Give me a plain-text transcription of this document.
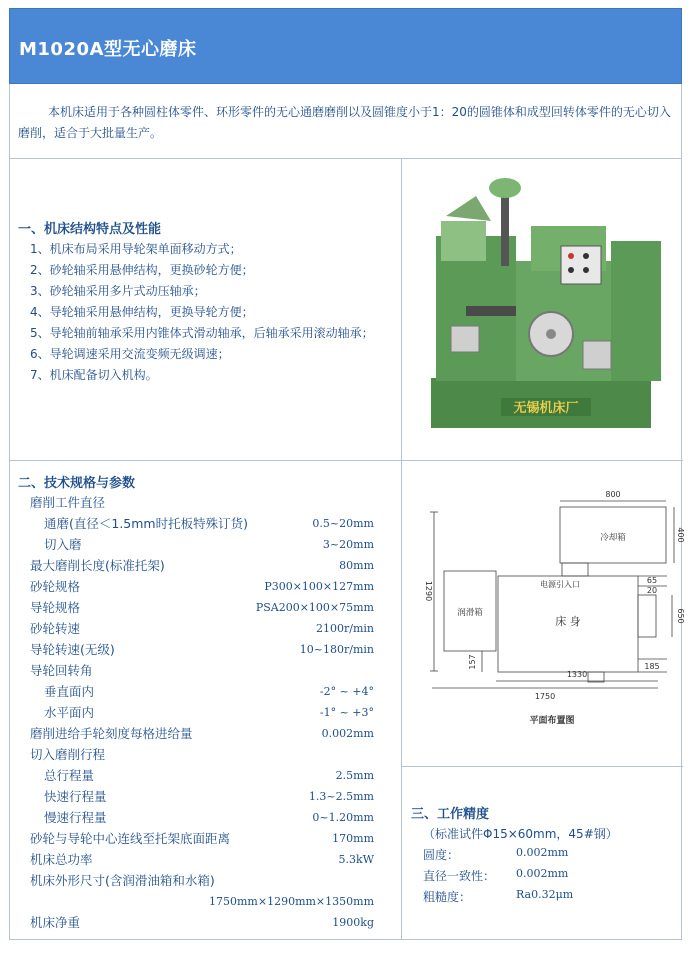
M1020A型无心磨床

本机床适用于各种圆柱体零件、环形零件的无心通磨磨削以及圆锥度小于1：20的圆锥体和成型回转体零件的无心切入磨削，适合于大批量生产。

一、机床结构特点及性能
1、机床布局采用导轮架单面移动方式；
2、砂轮轴采用悬伸结构，更换砂轮方便；
3、砂轮轴采用多片式动压轴承；
4、导轮轴采用悬伸结构，更换导轮方便；
5、导轮轴前轴承采用内锥体式滑动轴承，后轴承采用滚动轴承；
6、导轮调速采用交流变频无级调速；
7、机床配备切入机构。
无锡机床厂
二、技术规格与参数
磨削工件直径
通磨(直径＜1.5mm时托板特殊订货)	0.5~20mm
切入磨	3~20mm
最大磨削长度(标准托架)	80mm
砂轮规格	P300×100×127mm
导轮规格	PSA200×100×75mm
砂轮转速	2100r/min
导轮转速(无级)	10~180r/min
导轮回转角
垂直面内	-2° ~ +4°
水平面内	-1° ~ +3°
磨削进给手轮刻度每格进给量	0.002mm
切入磨削行程
总行程量	2.5mm
快速行程量	1.3~2.5mm
慢速行程量	0~1.20mm
砂轮与导轮中心连线至托架底面距离	170mm
机床总功率	5.3kW
机床外形尺寸(含润滑油箱和水箱)
1750mm×1290mm×1350mm
机床净重	1900kg
冷却箱
润滑箱
床 身
电源引入口
800
400
65
20
1290
650
157	185
1330
1750
平面布置图
三、工作精度
（标准试件Φ15×60mm，45#钢）
圆度：	0.002mm
直径一致性： 0.002mm
粗糙度：	Ra0.32μm
